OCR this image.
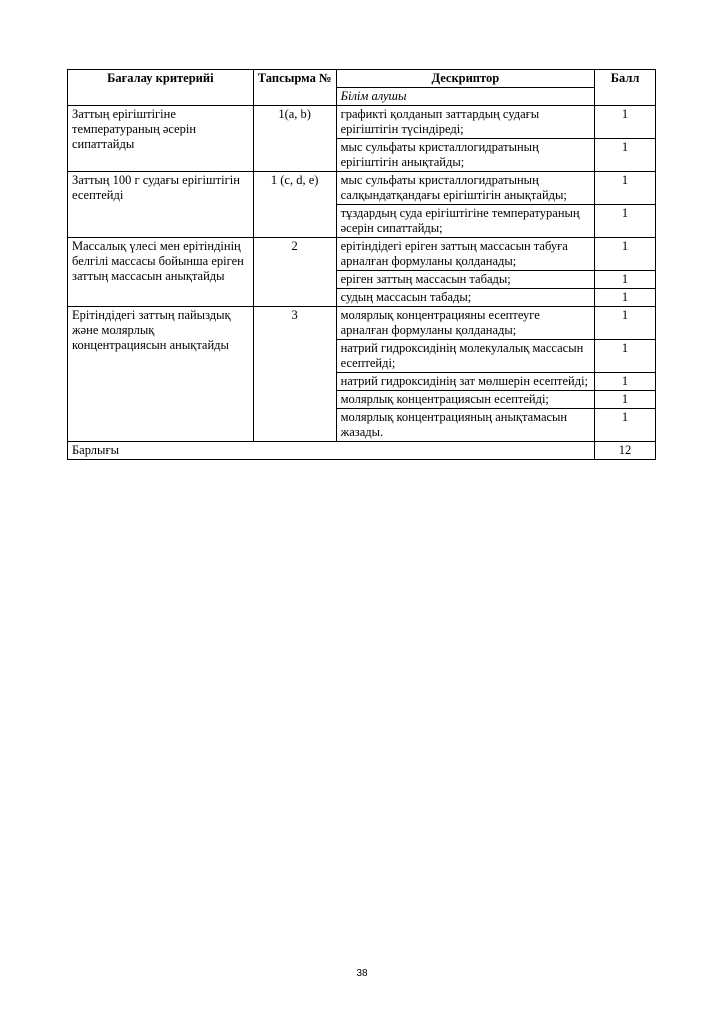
Бағалау критерийі	Тапсырма №	Дескриптор	Балл
		Білім алушы	
Заттың ерігіштігіне температураның әсерін сипаттайды	1(a, b)	графикті қолданып заттардың судағы ерігіштігін түсіндіреді;	1
		мыс сульфаты кристаллогидратының ерігіштігін анықтайды;	1
Заттың 100 г судағы ерігіштігін есептейді	1 (c, d, e)	мыс сульфаты кристаллогидратының салқындатқандағы ерігіштігін анықтайды;	1
		тұздардың суда ерігіштігіне температураның әсерін сипаттайды;	1
Массалық үлесі мен ерітіндінің белгілі массасы бойынша еріген заттың массасын анықтайды	2	ерітіндідегі еріген заттың массасын табуға арналған формуланы қолданады;	1
		еріген заттың массасын табады;	1
		судың массасын табады;	1
Ерітіндідегі заттың пайыздық және молярлық концентрациясын анықтайды	3	молярлық концентрацияны есептеуге арналған формуланы қолданады;	1
		натрий гидроксидінің молекулалық массасын есептейді;	1
		натрий гидроксидінің зат мөлшерін есептейді;	1
		молярлық концентрациясын есептейді;	1
		молярлық концентрацияның анықтамасын жазады.	1
Барлығы			12
38
